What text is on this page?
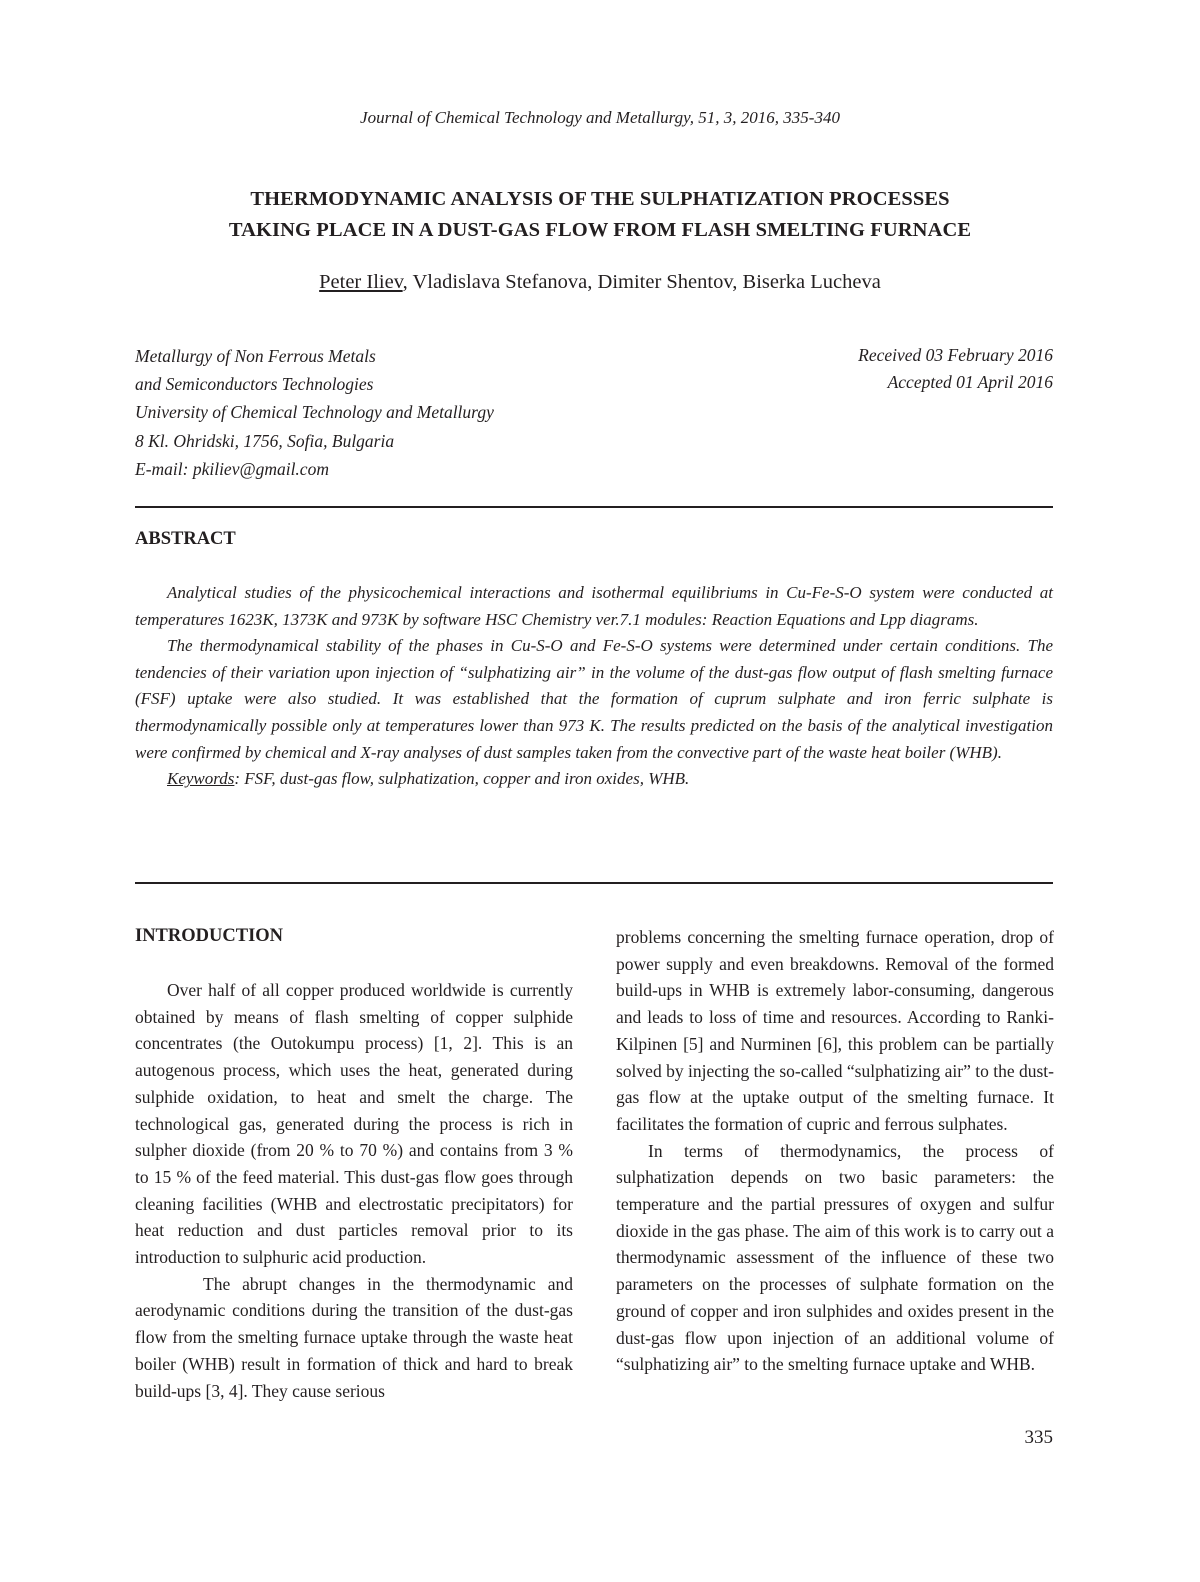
Journal of Chemical Technology and Metallurgy, 51, 3, 2016, 335-340
THERMODYNAMIC ANALYSIS OF THE SULPHATIZATION PROCESSES
TAKING PLACE IN A DUST-GAS FLOW FROM FLASH SMELTING FURNACE
Peter Iliev, Vladislava Stefanova, Dimiter Shentov, Biserka Lucheva
Metallurgy of Non Ferrous Metals
and Semiconductors Technologies
University of Chemical Technology and Metallurgy
8 Kl. Ohridski, 1756, Sofia, Bulgaria
E-mail: pkiliev@gmail.com
Received 03 February 2016
Accepted 01 April 2016
ABSTRACT

Analytical studies of the physicochemical interactions and isothermal equilibriums in Cu-Fe-S-O system were conducted at temperatures 1623K, 1373K and 973K by software HSC Chemistry ver.7.1 modules: Reaction Equations and Lpp diagrams.

The thermodynamical stability of the phases in Cu-S-O and Fe-S-O systems were determined under certain conditions. The tendencies of their variation upon injection of “sulphatizing air” in the volume of the dust-gas flow output of flash smelting furnace (FSF) uptake were also studied. It was established that the formation of cuprum sulphate and iron ferric sulphate is thermodynamically possible only at temperatures lower than 973 K. The results predicted on the basis of the analytical investigation were confirmed by chemical and X-ray analyses of dust samples taken from the convective part of the waste heat boiler (WHB).

Keywords: FSF, dust-gas flow, sulphatization, copper and iron oxides, WHB.

INTRODUCTION

Over half of all copper produced worldwide is currently obtained by means of flash smelting of copper sulphide concentrates (the Outokumpu process) [1, 2]. This is an autogenous process, which uses the heat, generated during sulphide oxidation, to heat and smelt the charge. The technological gas, generated during the process is rich in sulpher dioxide (from 20 % to 70 %) and contains from 3 % to 15 % of the feed material. This dust-gas flow goes through cleaning facilities (WHB and electrostatic precipitators) for heat reduction and dust particles removal prior to its introduction to sulphuric acid production.

The abrupt changes in the thermodynamic and aerodynamic conditions during the transition of the dust-gas flow from the smelting furnace uptake through the waste heat boiler (WHB) result in formation of thick and hard to break build-ups [3, 4]. They cause serious

problems concerning the smelting furnace operation, drop of power supply and even breakdowns. Removal of the formed build-ups in WHB is extremely labor-consuming, dangerous and leads to loss of time and resources. According to Ranki-Kilpinen [5] and Nurminen [6], this problem can be partially solved by injecting the so-called “sulphatizing air” to the dust-gas flow at the uptake output of the smelting furnace. It facilitates the formation of cupric and ferrous sulphates.

In terms of thermodynamics, the process of sulphatization depends on two basic parameters: the temperature and the partial pressures of oxygen and sulfur dioxide in the gas phase. The aim of this work is to carry out a thermodynamic assessment of the influence of these two parameters on the processes of sulphate formation on the ground of copper and iron sulphides and oxides present in the dust-gas flow upon injection of an additional volume of “sulphatizing air” to the smelting furnace uptake and WHB.

335
